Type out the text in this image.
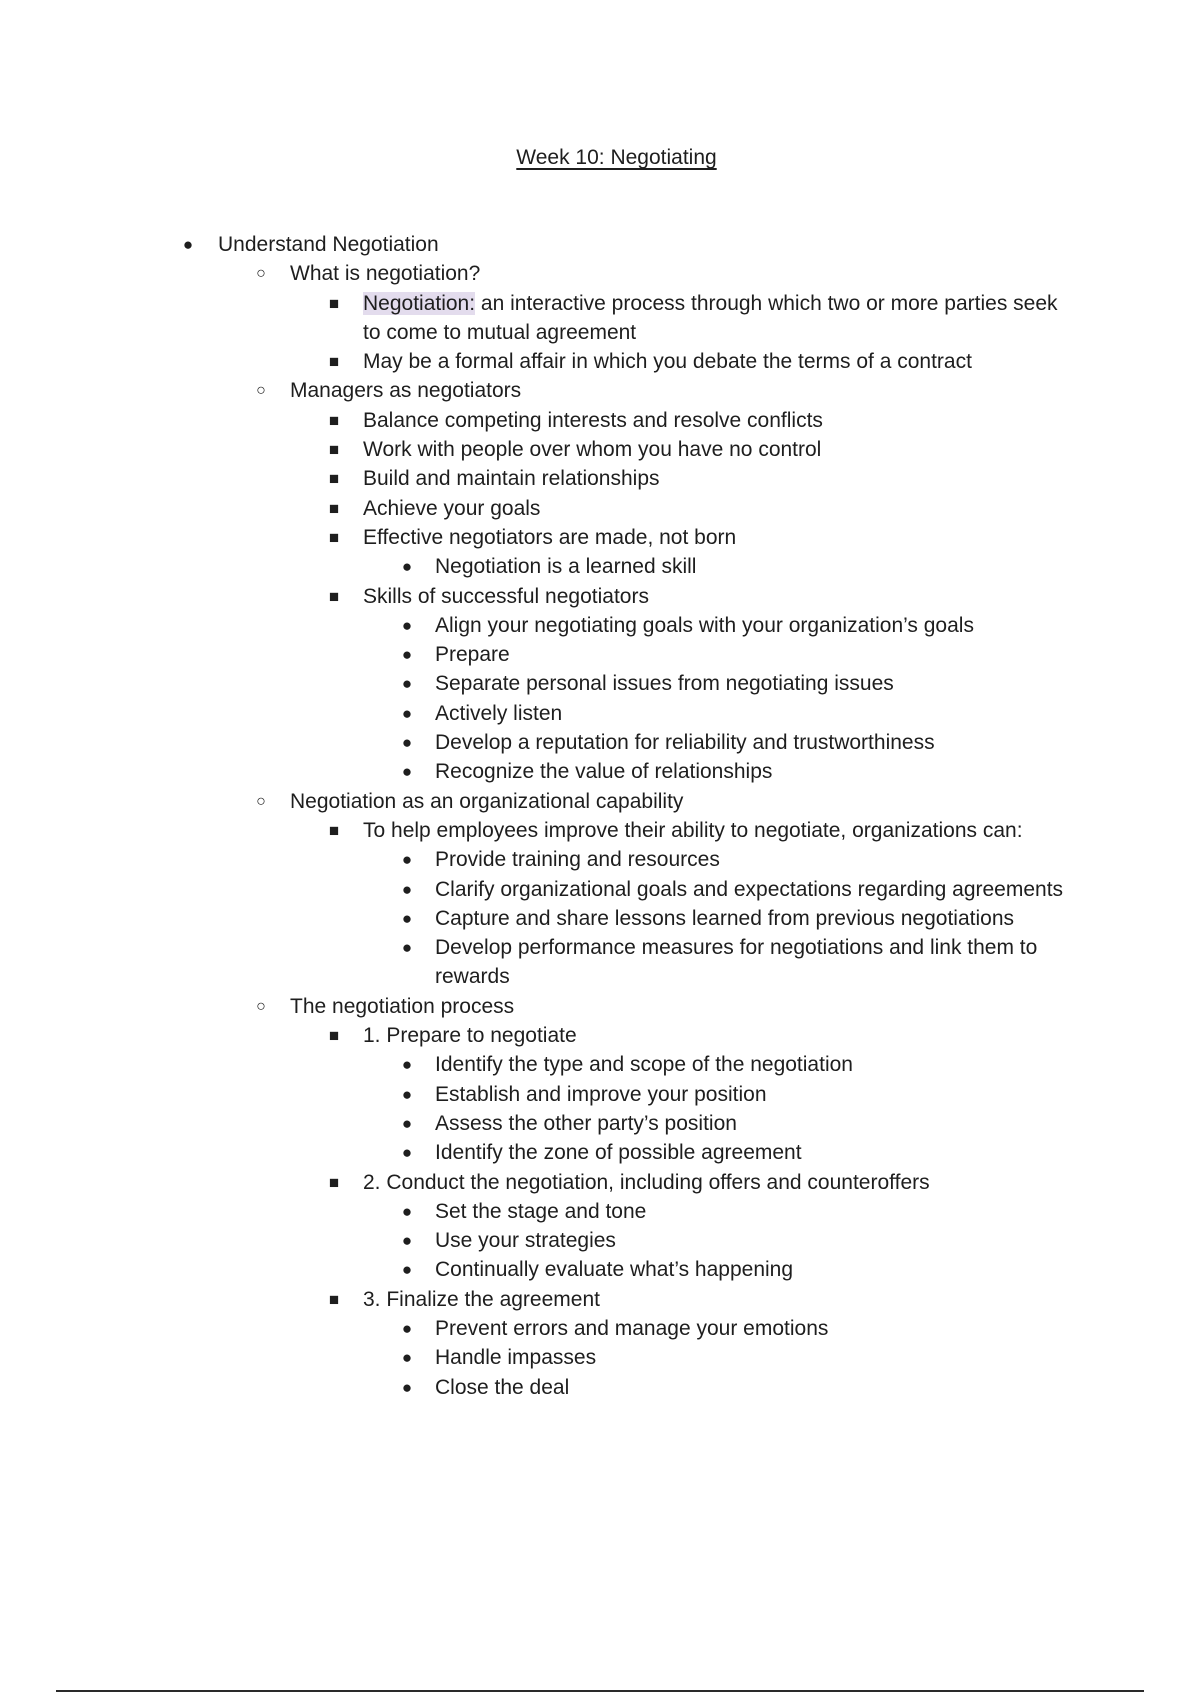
Week 10: Negotiating
● Understand Negotiation
○ What is negotiation?
■ Negotiation: an interactive process through which two or more parties seek to come to mutual agreement
■ May be a formal affair in which you debate the terms of a contract
○ Managers as negotiators
■ Balance competing interests and resolve conflicts
■ Work with people over whom you have no control
■ Build and maintain relationships
■ Achieve your goals
■ Effective negotiators are made, not born
● Negotiation is a learned skill
■ Skills of successful negotiators
● Align your negotiating goals with your organization’s goals
● Prepare
● Separate personal issues from negotiating issues
● Actively listen
● Develop a reputation for reliability and trustworthiness
● Recognize the value of relationships
○ Negotiation as an organizational capability
■ To help employees improve their ability to negotiate, organizations can:
● Provide training and resources
● Clarify organizational goals and expectations regarding agreements
● Capture and share lessons learned from previous negotiations
● Develop performance measures for negotiations and link them to rewards
○ The negotiation process
■ 1. Prepare to negotiate
● Identify the type and scope of the negotiation
● Establish and improve your position
● Assess the other party’s position
● Identify the zone of possible agreement
■ 2. Conduct the negotiation, including offers and counteroffers
● Set the stage and tone
● Use your strategies
● Continually evaluate what’s happening
■ 3. Finalize the agreement
● Prevent errors and manage your emotions
● Handle impasses
● Close the deal
